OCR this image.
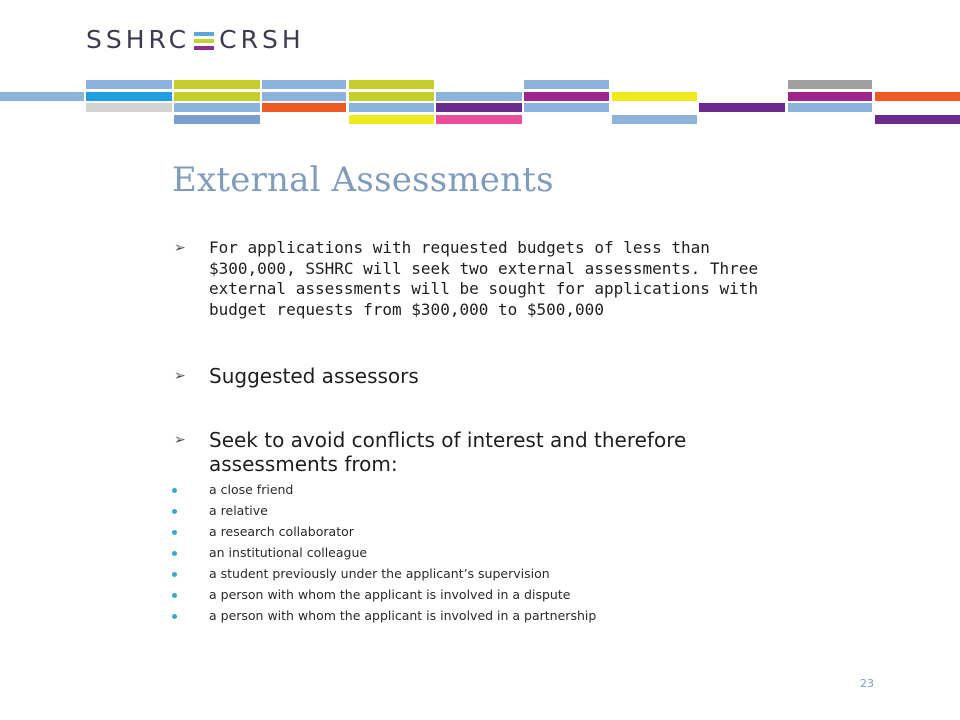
SSHRC CRSH
External Assessments
➢ For applications with requested budgets of less than $300,000, SSHRC will seek two external assessments. Three external assessments will be sought for applications with budget requests from $300,000 to $500,000

➢ Suggested assessors

➢ Seek to avoid conflicts of interest and therefore assessments from:

a close friend

a relative

a research collaborator

an institutional colleague

a student previously under the applicant’s supervision

a person with whom the applicant is involved in a dispute

a person with whom the applicant is involved in a partnership

23
